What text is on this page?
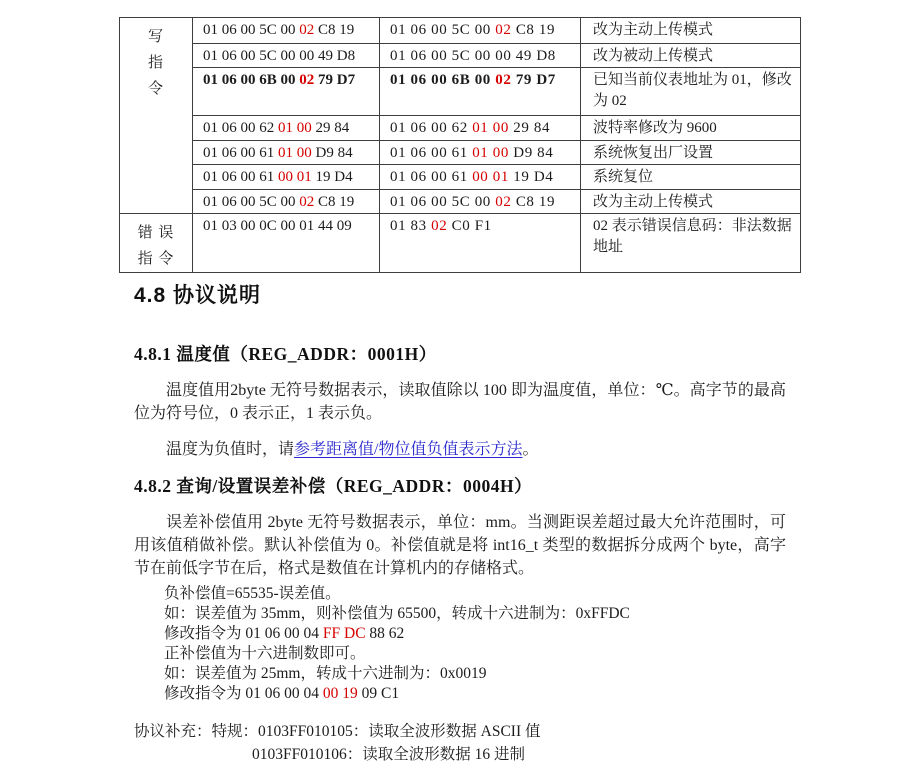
写
指
令	01 06 00 5C 00 02 C8 19	01 06 00 5C 00 02 C8 19	改为主动上传模式
	01 06 00 5C 00 00 49 D8	01 06 00 5C 00 00 49 D8	改为被动上传模式
	01 06 00 6B 00 02 79 D7	01 06 00 6B 00 02 79 D7	已知当前仪表地址为 01，修改为 02
	01 06 00 62 01 00 29 84	01 06 00 62 01 00 29 84	波特率修改为 9600
	01 06 00 61 01 00 D9 84	01 06 00 61 01 00 D9 84	系统恢复出厂设置
	01 06 00 61 00 01 19 D4	01 06 00 61 00 01 19 D4	系统复位
	01 06 00 5C 00 02 C8 19	01 06 00 5C 00 02 C8 19	改为主动上传模式

错 误
指 令	01 03 00 0C 00 01 44 09	01 83 02 C0 F1	02 表示错误信息码：非法数据地址
4.8 协议说明
4.8.1 温度值（REG_ADDR：0001H）

温度值用2byte 无符号数据表示，读取值除以 100 即为温度值，单位：℃。高字节的最高位为符号位，0 表示正，1 表示负。

温度为负值时，请参考距离值/物位值负值表示方法。

4.8.2 查询/设置误差补偿（REG_ADDR：0004H）

误差补偿值用 2byte 无符号数据表示，单位：mm。当测距误差超过最大允许范围时，可用该值稍做补偿。默认补偿值为 0。补偿值就是将 int16_t 类型的数据拆分成两个 byte，高字节在前低字节在后，格式是数值在计算机内的存储格式。

负补偿值=65535-误差值。
如：误差值为 35mm，则补偿值为 65500，转成十六进制为：0xFFDC
修改指令为 01 06 00 04 FF DC 88 62
正补偿值为十六进制数即可。
如：误差值为 25mm，转成十六进制为：0x0019
修改指令为 01 06 00 04 00 19 09 C1
协议补充：特规：0103FF010105：读取全波形数据 ASCII 值
0103FF010106：读取全波形数据 16 进制
